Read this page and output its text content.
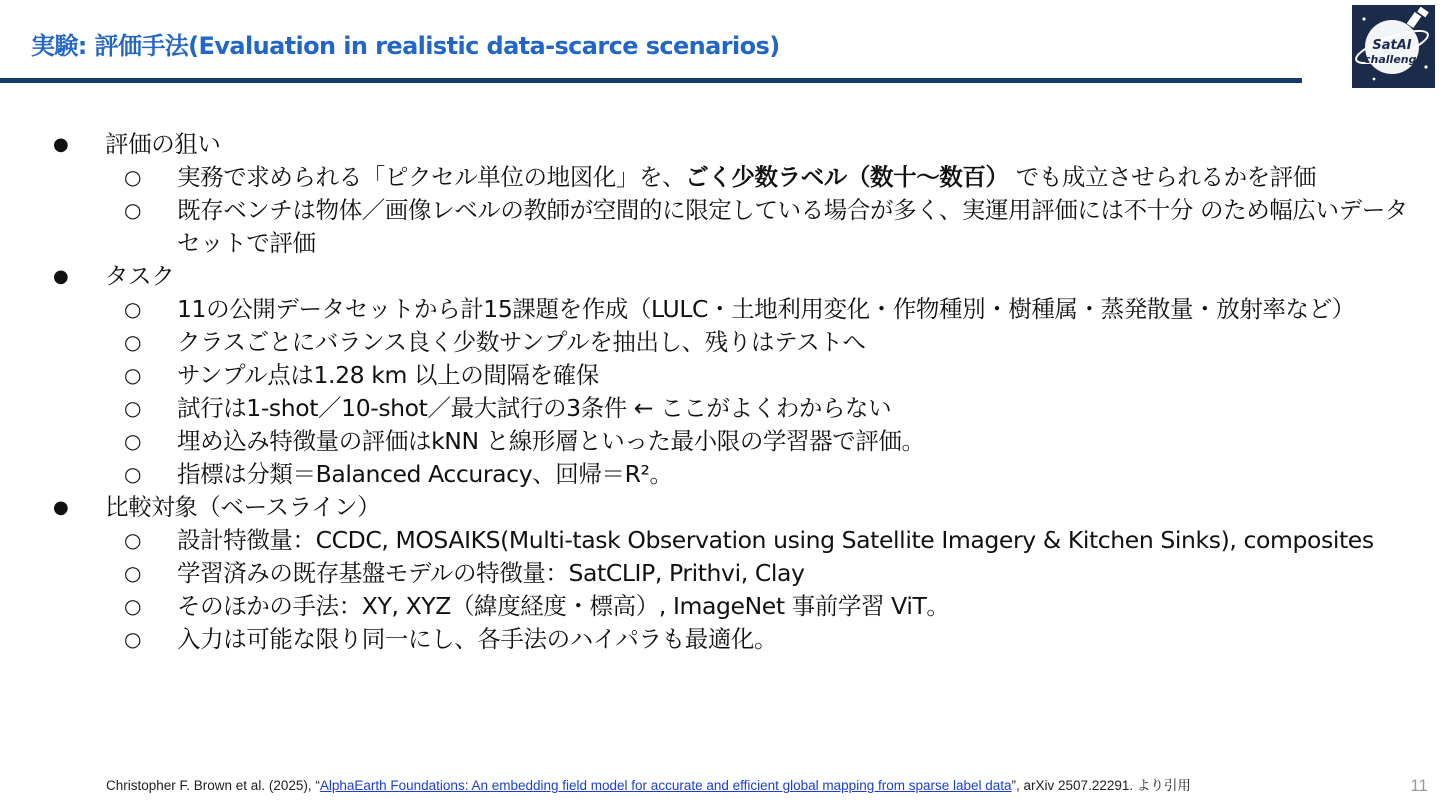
実験: 評価手法(Evaluation in realistic data-scarce scenarios)	SatAI
challenge
● 評価の狙い
○ 実務で求められる「ピクセル単位の地図化」を、ごく少数ラベル（数十〜数百） でも成立させられるかを評価
○ 既存ベンチは物体／画像レベルの教師が空間的に限定している場合が多く、実運用評価には不十分 のため幅広いデータセットで評価
● タスク
○ 11の公開データセットから計15課題を作成（LULC・土地利用変化・作物種別・樹種属・蒸発散量・放射率など）
○ クラスごとにバランス良く少数サンプルを抽出し、残りはテストへ
○ サンプル点は1.28 km 以上の間隔を確保
○ 試行は1-shot／10-shot／最大試行の3条件 ← ここがよくわからない
○ 埋め込み特徴量の評価はkNN と線形層といった最小限の学習器で評価。
○ 指標は分類＝Balanced Accuracy、回帰＝R²。
● 比較対象（ベースライン）
○ 設計特徴量：CCDC, MOSAIKS(Multi-task Observation using Satellite Imagery & Kitchen Sinks), composites
○ 学習済みの既存基盤モデルの特徴量：SatCLIP, Prithvi, Clay
○ そのほかの手法：XY, XYZ（緯度経度・標高）, ImageNet 事前学習 ViT。
○ 入力は可能な限り同一にし、各手法のハイパラも最適化。
Christopher F. Brown et al. (2025), “AlphaEarth Foundations: An embedding field model for accurate and efficient global mapping from sparse label data”, arXiv 2507.22291. より引用	11
